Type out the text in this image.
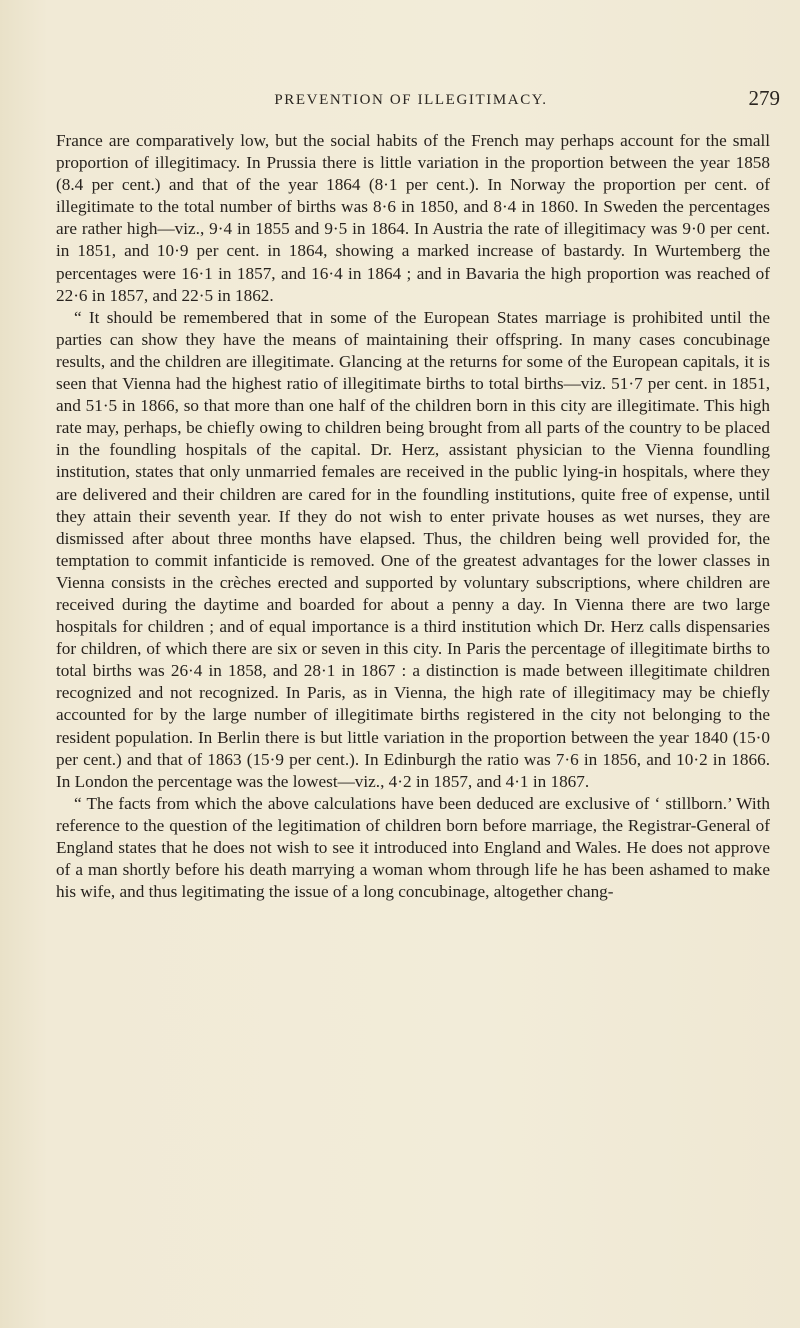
PREVENTION OF ILLEGITIMACY.	279

France are comparatively low, but the social habits of the French may perhaps account for the small proportion of illegitimacy. In Prussia there is little variation in the proportion between the year 1858 (8.4 per cent.) and that of the year 1864 (8·1 per cent.). In Norway the proportion per cent. of illegitimate to the total number of births was 8·6 in 1850, and 8·4 in 1860. In Sweden the percentages are rather high—viz., 9·4 in 1855 and 9·5 in 1864. In Austria the rate of illegitimacy was 9·0 per cent. in 1851, and 10·9 per cent. in 1864, showing a marked increase of bastardy. In Wurtemberg the percentages were 16·1 in 1857, and 16·4 in 1864 ; and in Bavaria the high proportion was reached of 22·6 in 1857, and 22·5 in 1862.

“ It should be remembered that in some of the European States marriage is prohibited until the parties can show they have the means of maintaining their offspring. In many cases concubinage results, and the children are illegitimate. Glancing at the returns for some of the European capitals, it is seen that Vienna had the highest ratio of illegitimate births to total births—viz. 51·7 per cent. in 1851, and 51·5 in 1866, so that more than one half of the children born in this city are illegitimate. This high rate may, perhaps, be chiefly owing to children being brought from all parts of the country to be placed in the foundling hospitals of the capital. Dr. Herz, assistant physician to the Vienna foundling institution, states that only unmarried females are received in the public lying-in hospitals, where they are delivered and their children are cared for in the foundling institutions, quite free of expense, until they attain their seventh year. If they do not wish to enter private houses as wet nurses, they are dismissed after about three months have elapsed. Thus, the children being well provided for, the temptation to commit infanticide is removed. One of the greatest advantages for the lower classes in Vienna consists in the crèches erected and supported by voluntary subscriptions, where children are received during the daytime and boarded for about a penny a day. In Vienna there are two large hospitals for children ; and of equal importance is a third institution which Dr. Herz calls dispensaries for children, of which there are six or seven in this city. In Paris the percentage of illegitimate births to total births was 26·4 in 1858, and 28·1 in 1867 : a distinction is made between illegitimate children recognized and not recognized. In Paris, as in Vienna, the high rate of illegitimacy may be chiefly accounted for by the large number of illegitimate births registered in the city not belonging to the resident population. In Berlin there is but little variation in the proportion between the year 1840 (15·0 per cent.) and that of 1863 (15·9 per cent.). In Edinburgh the ratio was 7·6 in 1856, and 10·2 in 1866. In London the percentage was the lowest—viz., 4·2 in 1857, and 4·1 in 1867.

“ The facts from which the above calculations have been deduced are exclusive of ‘ stillborn.’ With reference to the question of the legitimation of children born before marriage, the Registrar-General of England states that he does not wish to see it introduced into England and Wales. He does not approve of a man shortly before his death marrying a woman whom through life he has been ashamed to make his wife, and thus legitimating the issue of a long concubinage, altogether chang-
